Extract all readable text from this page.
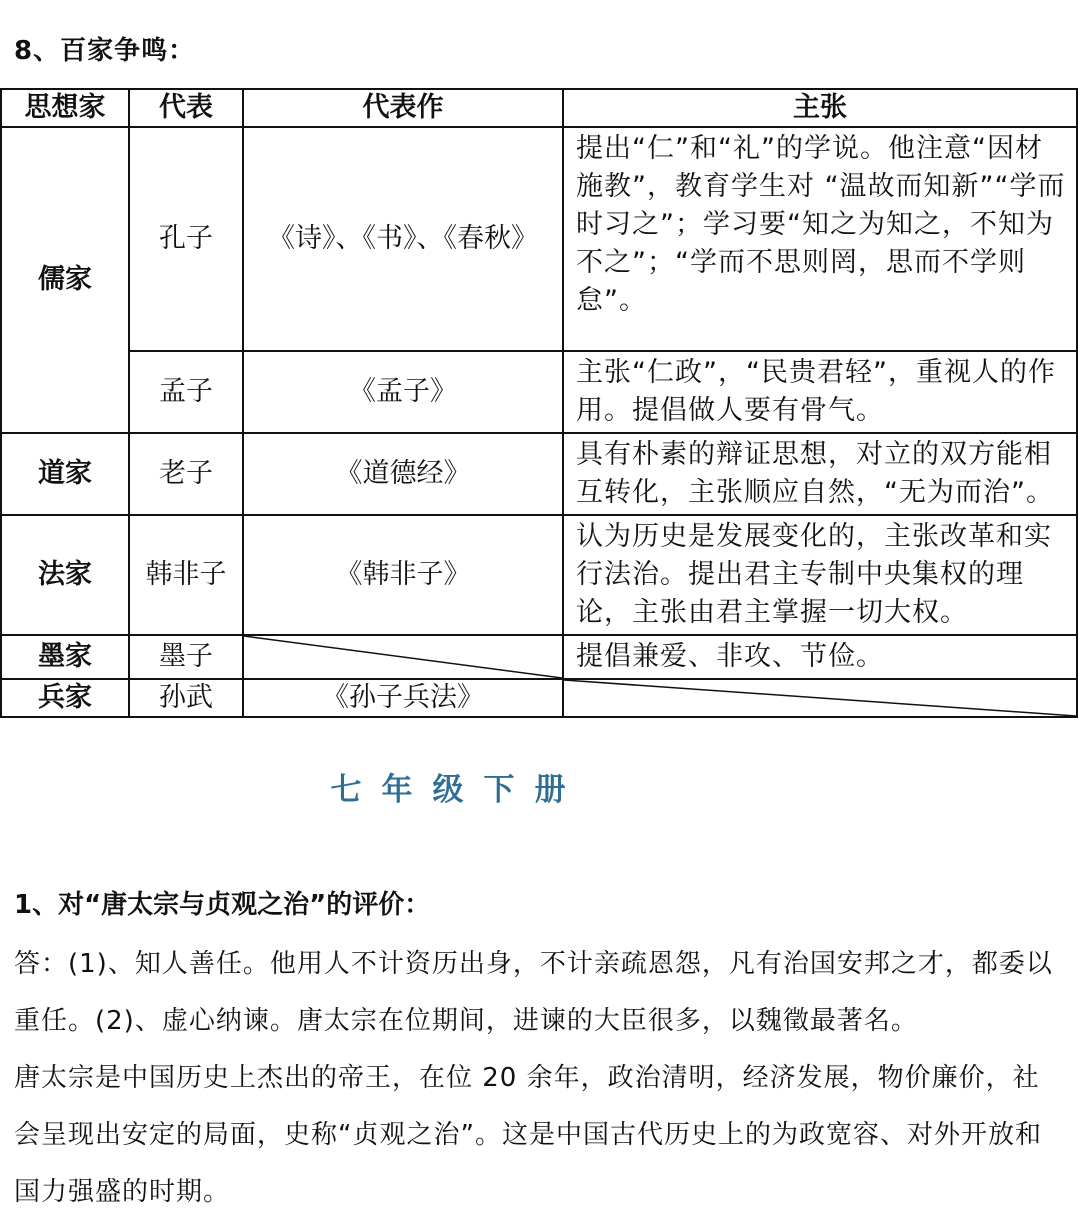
8、百家争鸣：
思想家	代表	代表作	主张
儒家	孔子	《诗》、《书》、《春秋》	提出“仁”和“礼”的学说。他注意“因材施教”，教育学生对 “温故而知新”“学而时习之”；学习要“知之为知之，不知为不之”；“学而不思则罔，思而不学则怠”。
	孟子	《孟子》	主张“仁政”，“民贵君轻”，重视人的作用。提倡做人要有骨气。
道家	老子	《道德经》	具有朴素的辩证思想，对立的双方能相互转化，主张顺应自然，“无为而治”。
法家	韩非子	《韩非子》	认为历史是发展变化的，主张改革和实行法治。提出君主专制中央集权的理论，主张由君主掌握一切大权。
墨家	墨子		提倡兼爱、非攻、节俭。
兵家	孙武	《孙子兵法》	
七年级下册
1、对“唐太宗与贞观之治”的评价：

答：(1)、知人善任。他用人不计资历出身，不计亲疏恩怨，凡有治国安邦之才，都委以重任。(2)、虚心纳谏。唐太宗在位期间，进谏的大臣很多，以魏徵最著名。

唐太宗是中国历史上杰出的帝王，在位 20 余年，政治清明，经济发展，物价廉价，社会呈现出安定的局面，史称“贞观之治”。这是中国古代历史上的为政宽容、对外开放和国力强盛的时期。
